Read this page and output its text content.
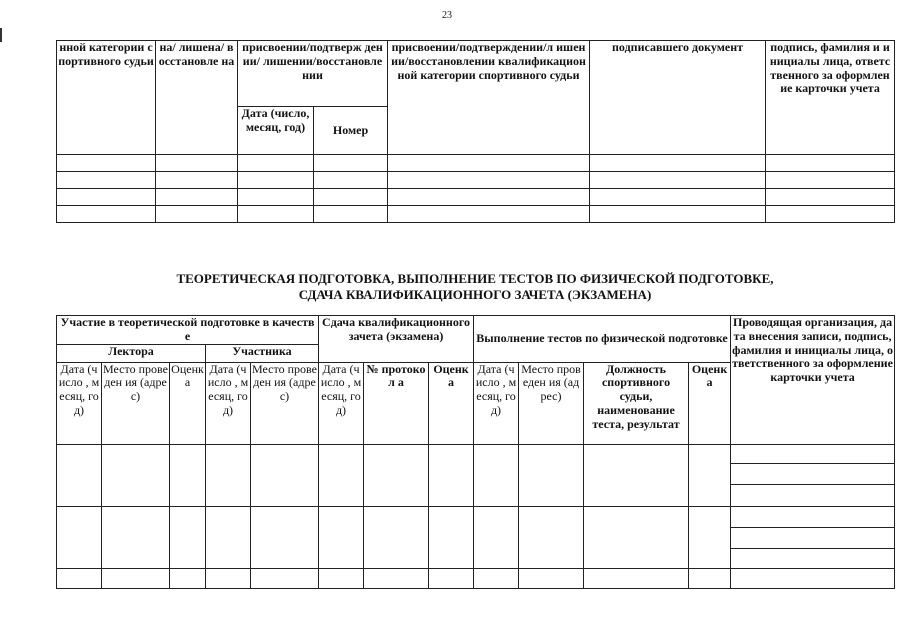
23
нной категории спортивного судьи	на/ лишена/ восстановле на	присвоении/подтверж дении/ лишении/восстановле нии		присвоении/подтверждении/л ишении/восстановлении квалификационной категории спортивного судьи	подписавшего документ	подпись, фамилия и инициалы лица, ответственного за оформление карточки учета
		Дата (число, месяц, год)	Номер			

ТЕОРЕТИЧЕСКАЯ ПОДГОТОВКА, ВЫПОЛНЕНИЕ ТЕСТОВ ПО ФИЗИЧЕСКОЙ ПОДГОТОВКЕ,
СДАЧА КВАЛИФИКАЦИОННОГО ЗАЧЕТА (ЭКЗАМЕНА)
Участие в теоретической подготовке в качестве					Сдача квалификационного зачета (экзамена)			Выполнение тестов по физической подготовке				Проводящая организация, дата внесения записи, подпись, фамилия и инициалы лица, ответственного за оформление карточки учета
Лектора			Участника									
Дата (число , месяц, год)	Место проведен ия (адрес)	Оценк а	Дата (число , месяц, год)	Место проведен ия (адрес)	Дата (число , месяц, год)	№ протокол а	Оценк а	Дата (число , месяц, год)	Место проведен ия (адрес)	Должность спортивного судьи, наименование теста, результат	Оценк а	
